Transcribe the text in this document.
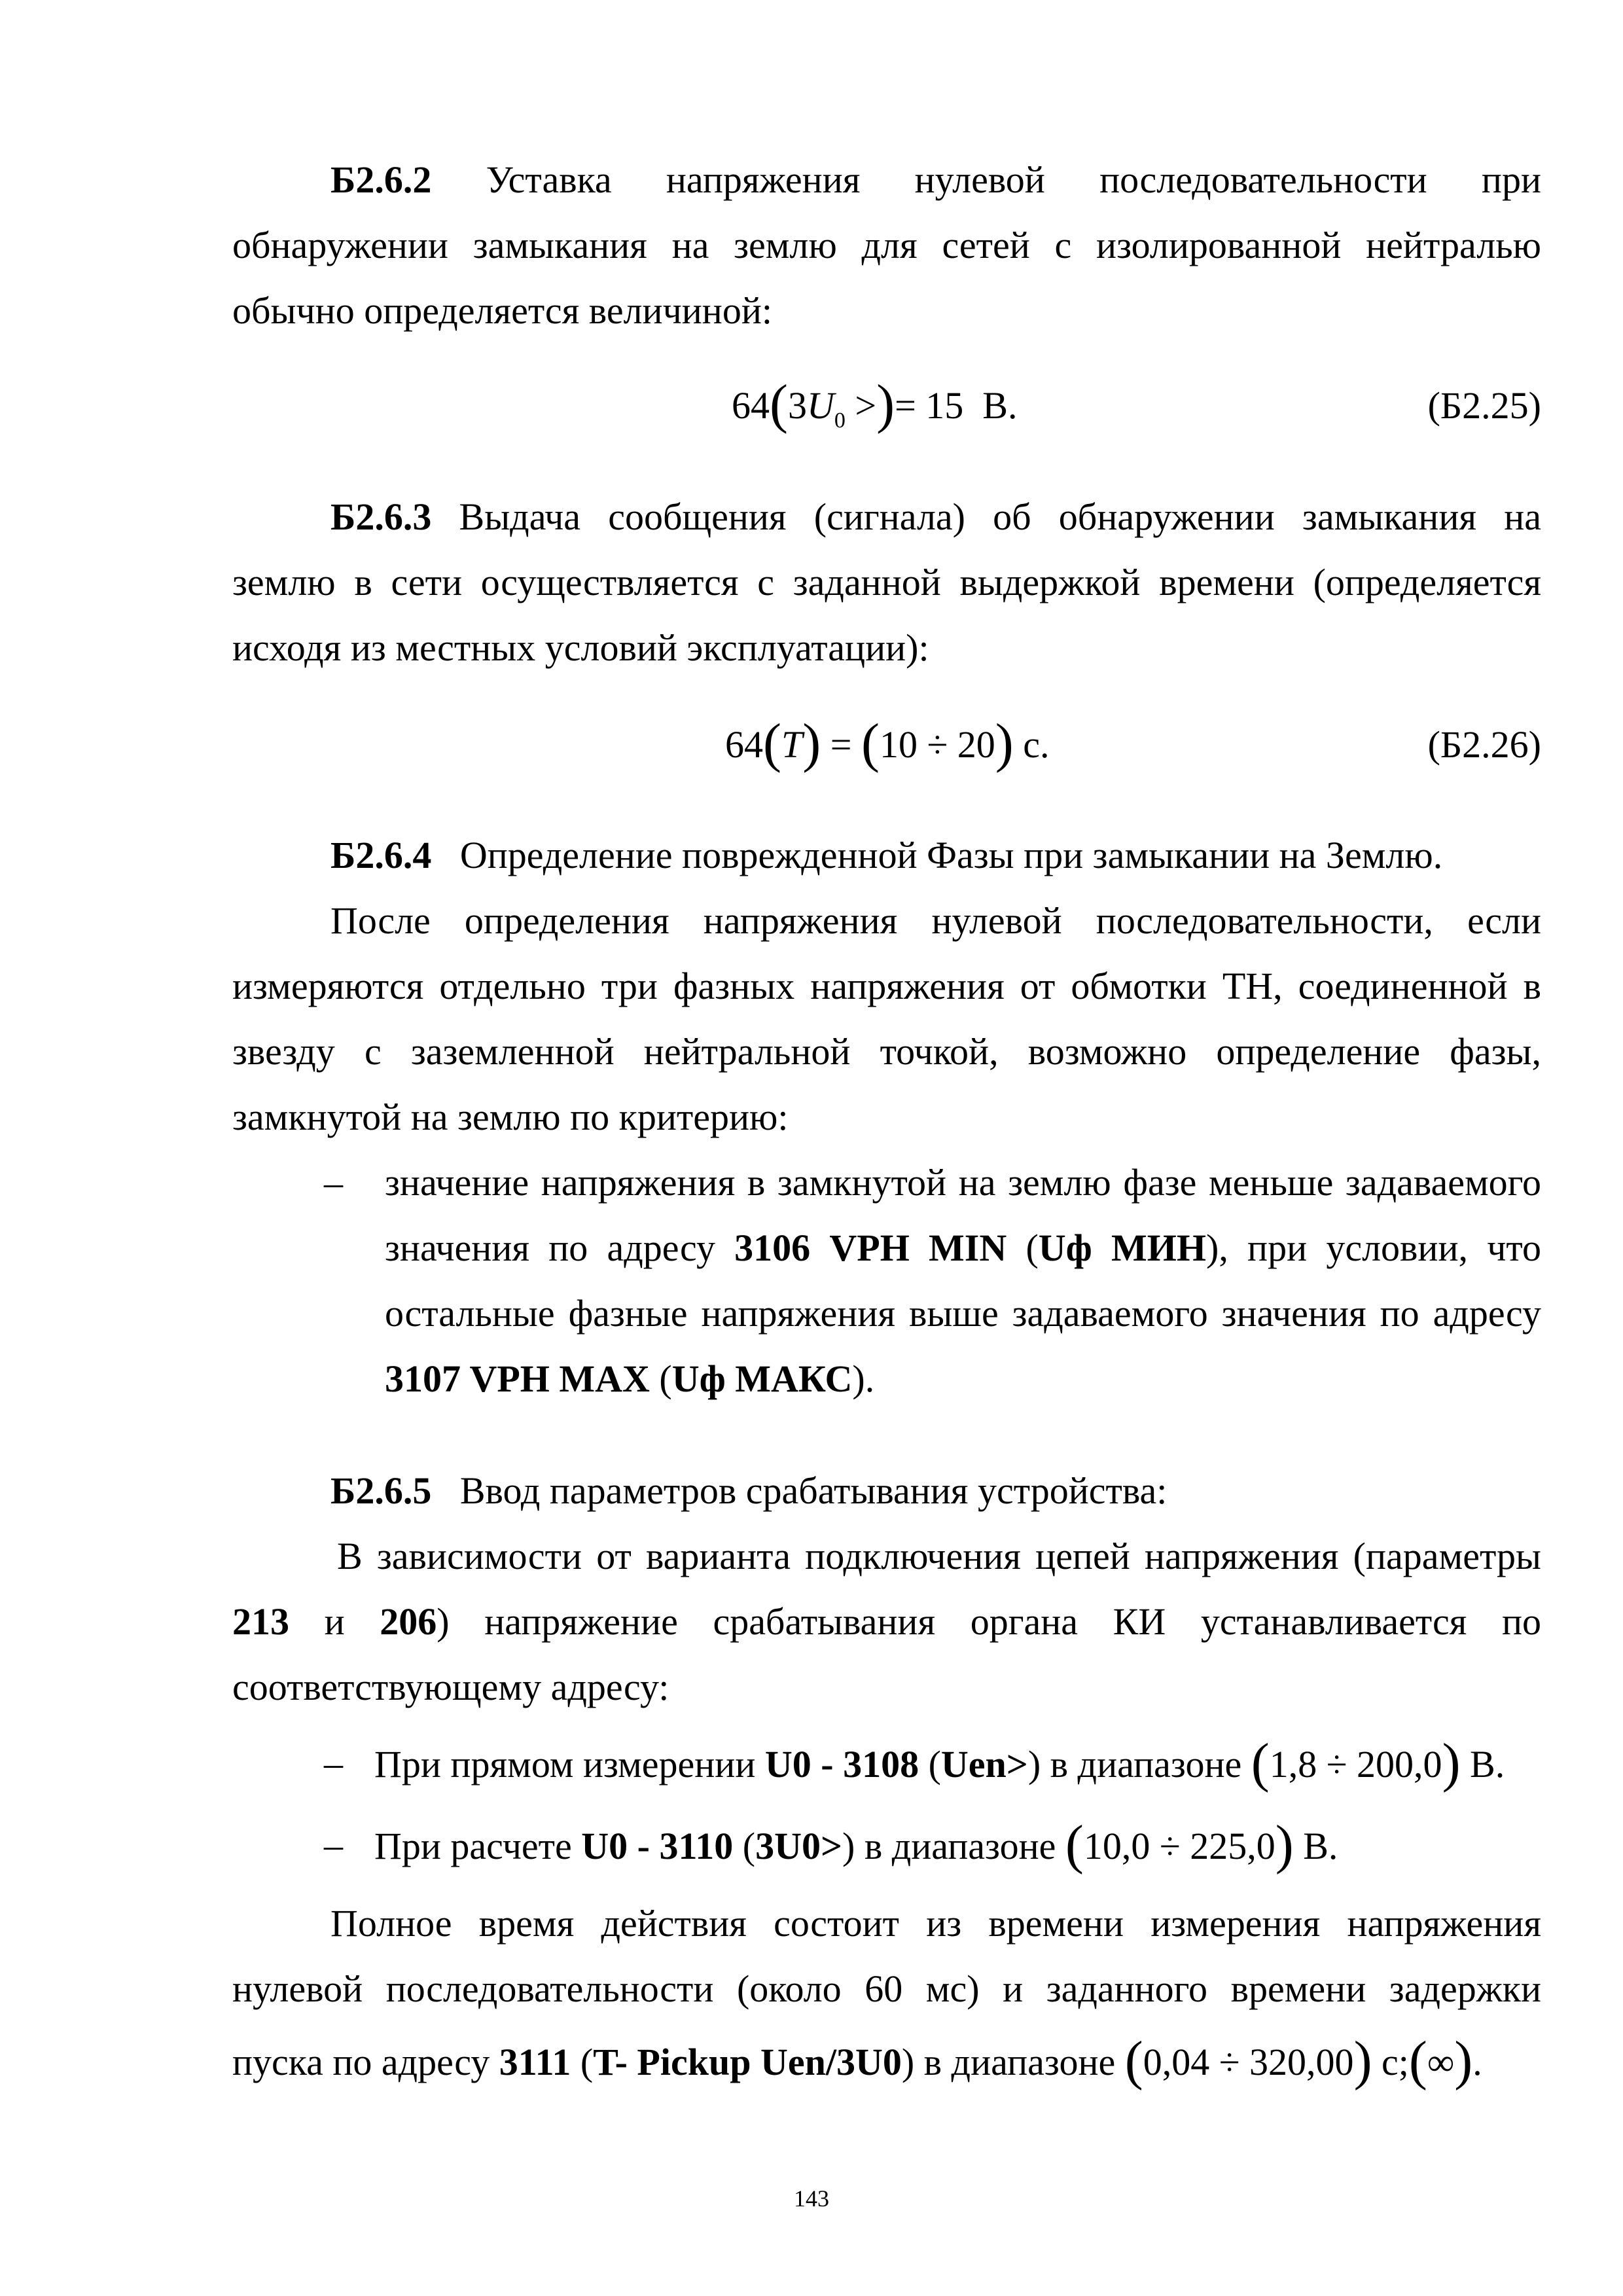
Б2.6.2 Уставка напряжения нулевой последовательности при
обнаружении замыкания на землю для сетей с изолированной нейтралью
обычно определяется величиной:
$64(3U_0$ >)= 15 В.	(Б2.25)
Б2.6.3 Выдача сообщения (сигнала) об обнаружении замыкания на
землю в сети осуществляется с заданной выдержкой времени (определяется
исходя из местных условий эксплуатации):
64(T) = (10 ÷ 20) с.	(Б2.26)
Б2.6.4 Определение поврежденной Фазы при замыкании на Землю.
После определения напряжения нулевой последовательности, если
измеряются отдельно три фазных напряжения от обмотки ТН, соединенной в
звезду с заземленной нейтральной точкой, возможно определение фазы,
замкнутой на землю по критерию:
– значение напряжения в замкнутой на землю фазе меньше задаваемого
значения по адресу 3106 VPH MIN (Uф МИН), при условии, что
остальные фазные напряжения выше задаваемого значения по адресу
3107 VPH MAX (Uф МАКС).
Б2.6.5 Ввод параметров срабатывания устройства:
В зависимости от варианта подключения цепей напряжения (параметры
213 и 206) напряжение срабатывания органа КИ устанавливается по
соответствующему адресу:
– При прямом измерении U0 - 3108 (Uen>) в диапазоне (1,8 ÷ 200,0) В.
– При расчете U0 - 3110 (3U0>) в диапазоне (10,0 ÷ 225,0) В.
Полное время действия состоит из времени измерения напряжения
нулевой последовательности (около 60 мс) и заданного времени задержки
пуска по адресу 3111 (T- Pickup Uen/3U0) в диапазоне (0,04 ÷ 320,00) с;(∞).
143
